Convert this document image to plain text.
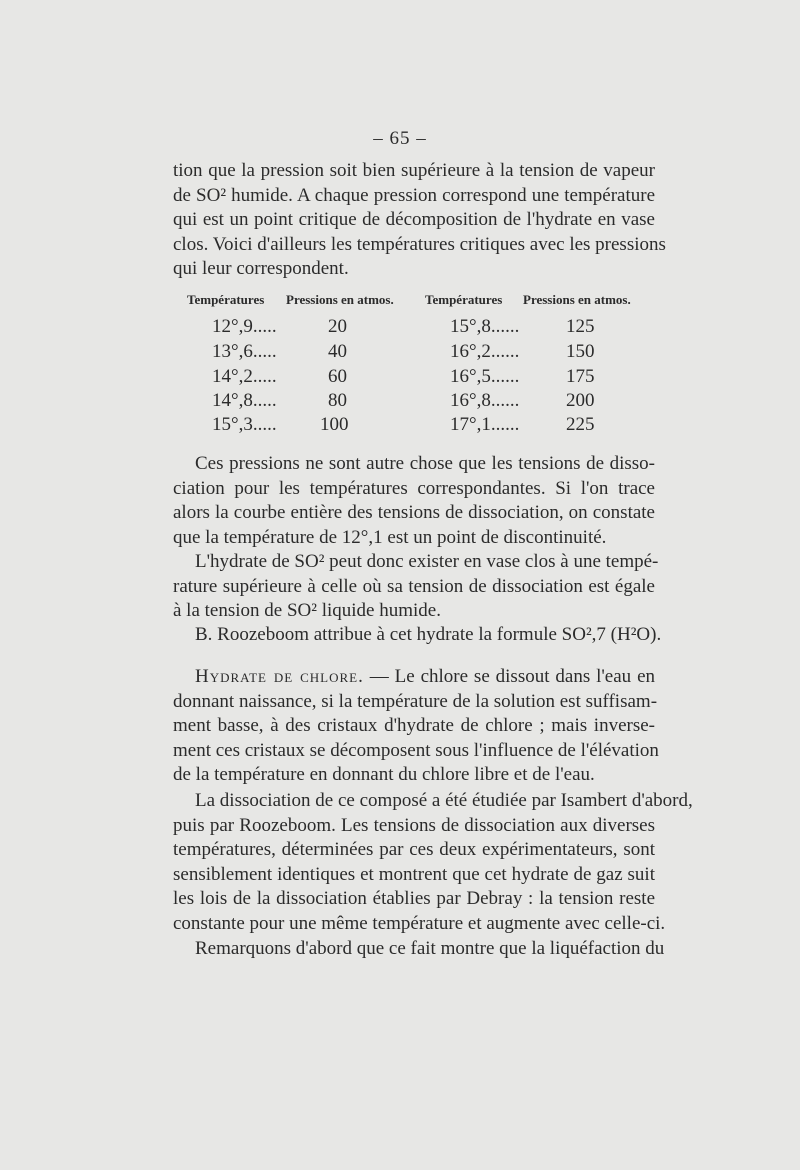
– 65 –
tion que la pression soit bien supérieure à la tension de vapeur
de SO² humide. A chaque pression correspond une température
qui est un point critique de décomposition de l'hydrate en vase
clos. Voici d'ailleurs les températures critiques avec les pressions
qui leur correspondent.
Températures Pressions en atmos. Températures Pressions en atmos.
12°,9.....	20	15°,8...... 125
13°,6.....	40	16°,2...... 150
14°,2.....	60	16°,5...... 175
14°,8.....	80	16°,8...... 200
15°,3..... 100	17°,1...... 225
Ces pressions ne sont autre chose que les tensions de disso-
ciation pour les températures correspondantes. Si l'on trace
alors la courbe entière des tensions de dissociation, on constate
que la température de 12°,1 est un point de discontinuité.
L'hydrate de SO² peut donc exister en vase clos à une tempé-
rature supérieure à celle où sa tension de dissociation est égale
à la tension de SO² liquide humide.
B. Roozeboom attribue à cet hydrate la formule SO²,7 (H²O).
Hydrate de chlore. — Le chlore se dissout dans l'eau en
donnant naissance, si la température de la solution est suffisam-
ment basse, à des cristaux d'hydrate de chlore ; mais inverse-
ment ces cristaux se décomposent sous l'influence de l'élévation
de la température en donnant du chlore libre et de l'eau.
La dissociation de ce composé a été étudiée par Isambert d'abord,
puis par Roozeboom. Les tensions de dissociation aux diverses
températures, déterminées par ces deux expérimentateurs, sont
sensiblement identiques et montrent que cet hydrate de gaz suit
les lois de la dissociation établies par Debray : la tension reste
constante pour une même température et augmente avec celle-ci.
Remarquons d'abord que ce fait montre que la liquéfaction du
